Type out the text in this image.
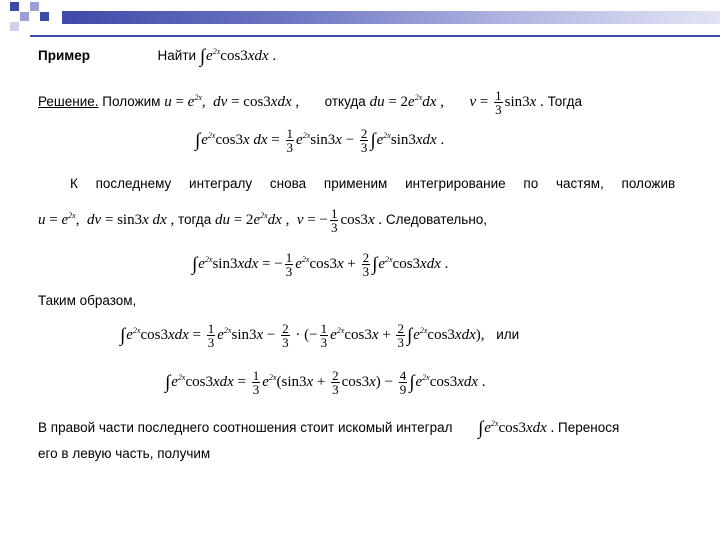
Пример	Найти $\int e^{2x}\cos 3xdx$ .
Решение. Положим $u = e^{2x}$,  dv = cos3xdx , откуда du = $2e^{2x}dx$ , $v = \frac{1}{3} \sin 3x$ . Тогда
$\int e^{2x}\cos 3x$ dx = $\frac{1}{3} e^{2x}\sin 3x - \frac{2}{3} \int e^{2x}\sin 3xdx$ .
К последнему интегралу снова применим интегрирование по частям, положив
$u = e^{2x}$,  dv = sin3x dx , тогда du = $2e^{2x}dx$ ,  v = − $\frac{1}{3} \cos 3x$ . Следовательно,
$\int e^{2x}\sin 3xdx$ = − $\frac{1}{3} e^{2x}\cos 3x + \frac{2}{3} \int e^{2x}\cos 3xdx$ .
Таким образом,
$\int e^{2x}\cos 3xdx = \frac{1}{3} e^{2x}\sin 3x - \frac{2}{3}$ · (− $\frac{1}{3} e^{2x}\cos 3x + \frac{2}{3} \int e^{2x}\cos 3xdx$), или
$\int e^{2x}\cos 3xdx = \frac{1}{3} e^{2x}(\sin 3x + \frac{2}{3} \cos 3x) - \frac{4}{9} \int e^{2x}\cos 3xdx$ .
В правой части последнего соотношения стоит искомый интеграл $\int e^{2x}\cos 3xdx$ . Перенося
его в левую часть, получим
